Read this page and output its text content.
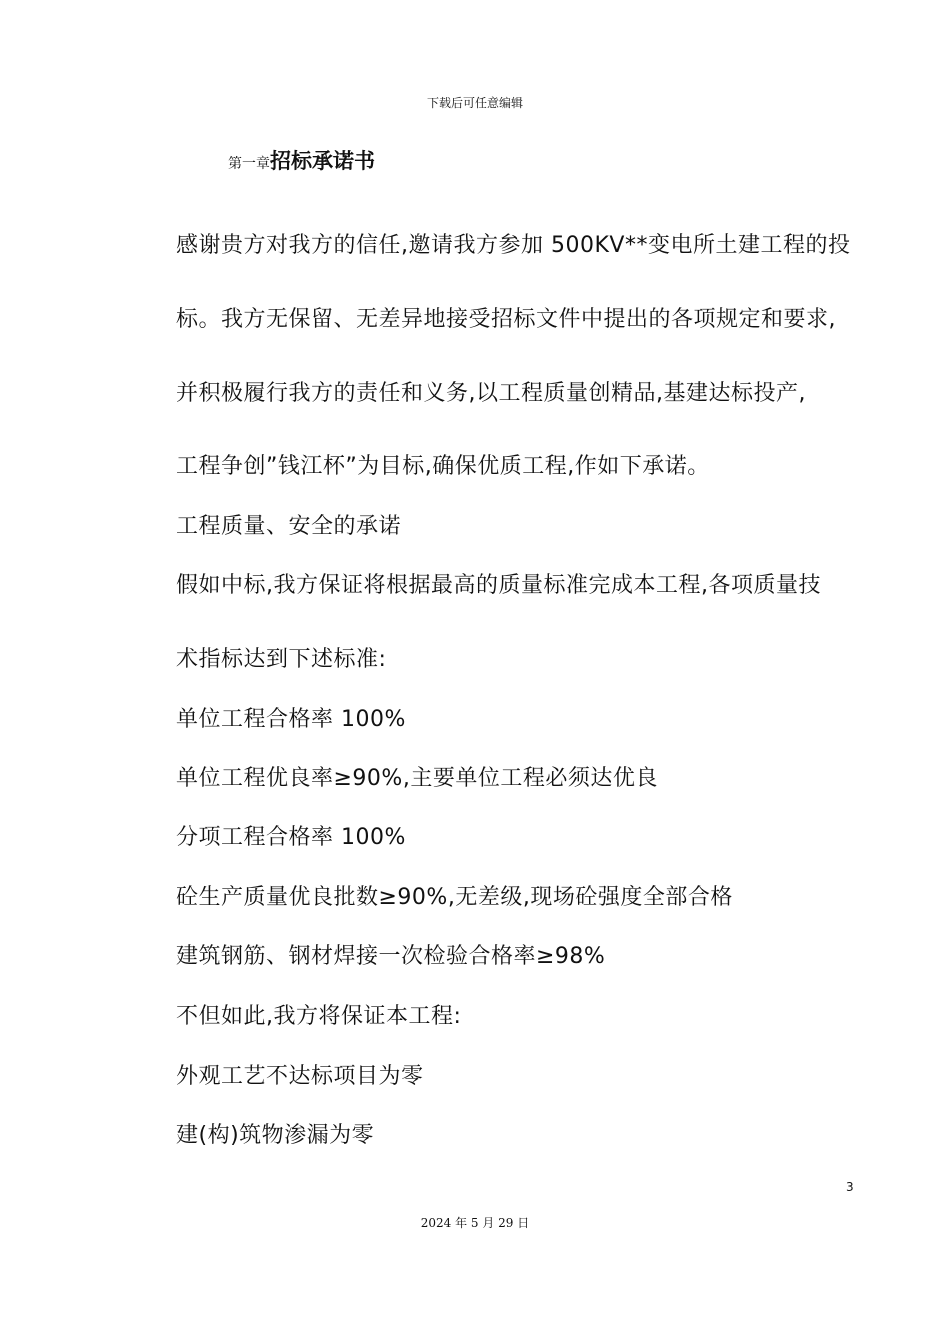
下载后可任意编辑
第一章招标承诺书
感谢贵方对我方的信任,邀请我方参加 500KV**变电所土建工程的投
标。我方无保留、无差异地接受招标文件中提出的各项规定和要求,
并积极履行我方的责任和义务,以工程质量创精品,基建达标投产,
工程争创”钱江杯”为目标,确保优质工程,作如下承诺。
工程质量、安全的承诺
假如中标,我方保证将根据最高的质量标准完成本工程,各项质量技
术指标达到下述标准:
单位工程合格率 100%
单位工程优良率≥90%,主要单位工程必须达优良
分项工程合格率 100%
砼生产质量优良批数≥90%,无差级,现场砼强度全部合格
建筑钢筋、钢材焊接一次检验合格率≥98%
不但如此,我方将保证本工程:
外观工艺不达标项目为零
建(构)筑物渗漏为零
3
2024 年 5 月 29 日
